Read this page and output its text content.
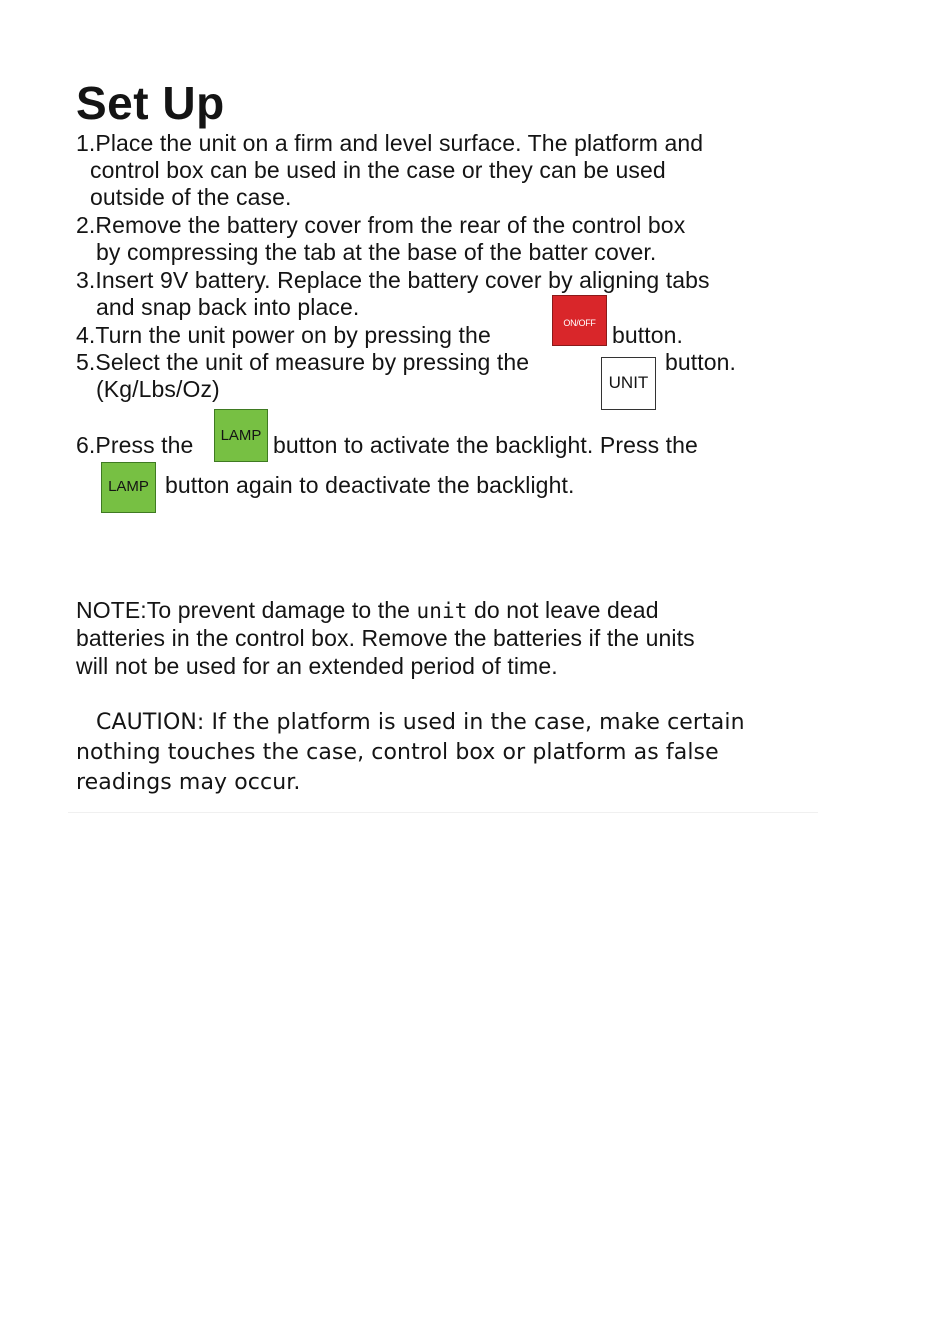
Set Up
1.Place the unit on a firm and level surface. The platform and
control box can be used in the case or they can be used
outside of the case.
2.Remove the battery cover from the rear of the control box
by compressing the tab at the base of the batter cover.
3.Insert 9V battery. Replace the battery cover by aligning tabs
and snap back into place.
4.Turn the unit power on by pressing the	ON/OFF button.
5.Select the unit of measure by pressing the
UNIT
button.
(Kg/Lbs/Oz)
6.Press the LAMP button to activate the backlight. Press the
LAMP button again to deactivate the backlight.
NOTE:To prevent damage to the unit do not leave dead
batteries in the control box. Remove the batteries if the units
will not be used for an extended period of time.
CAUTION: If the platform is used in the case, make certain
nothing touches the case, control box or platform as false
readings may occur.
